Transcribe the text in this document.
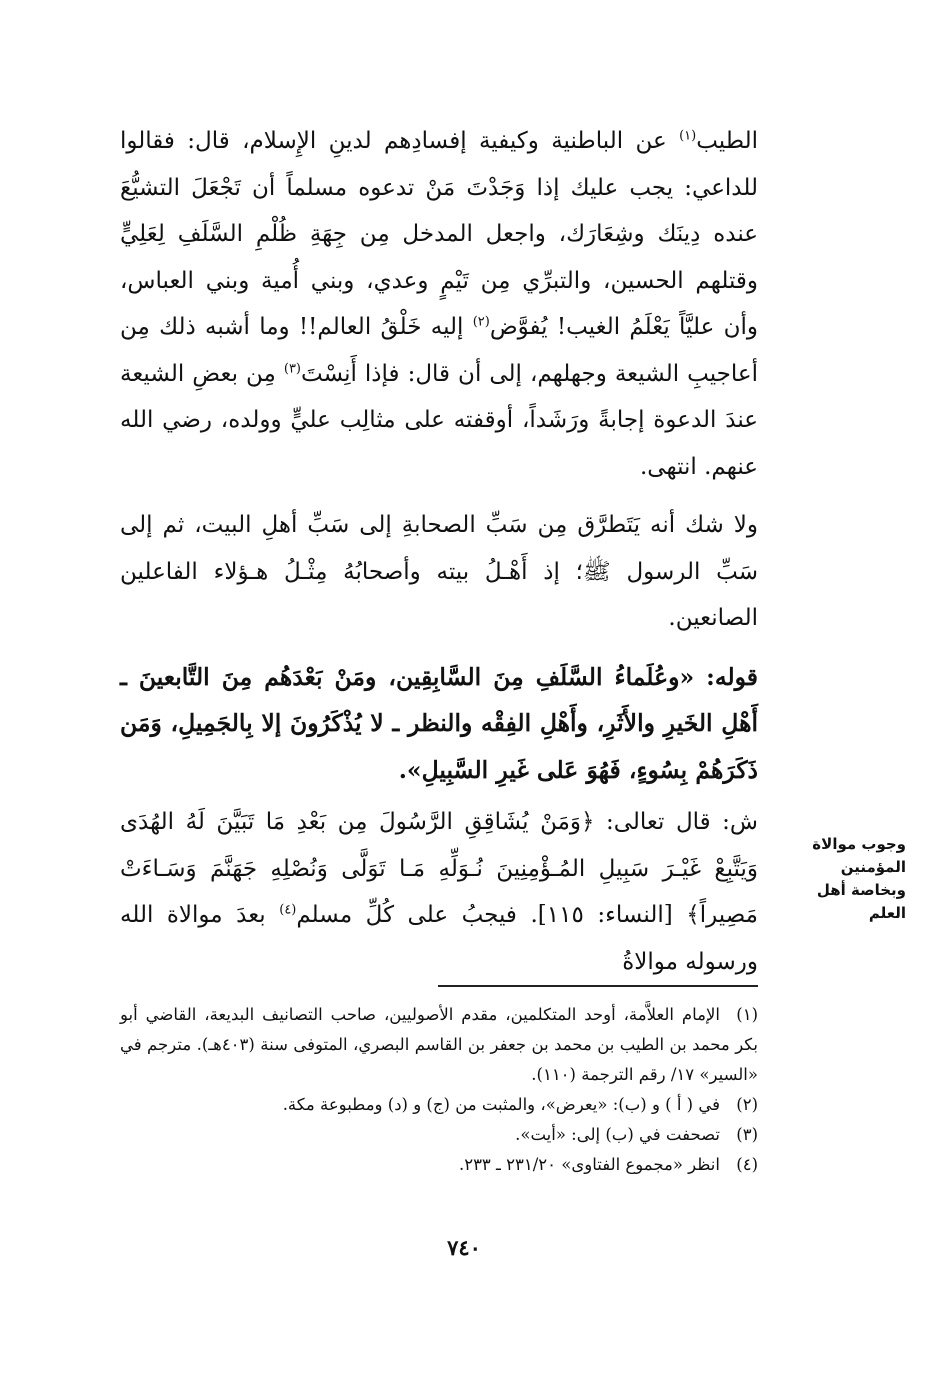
الطيب$^{(١)}$ عن الباطنية وكيفية إفسادِهم لدينِ الإِسلام، قال: فقالوا للداعي: يجب عليك إذا وَجَدْتَ مَنْ تدعوه مسلماً أن تَجْعَلَ التشيُّعَ عنده دِينَك وشِعَارَك، واجعل المدخل مِن جِهَةِ ظُلْمِ السَّلَفِ لِعَلِيٍّ وقتلهم الحسين، والتبرِّي مِن تَيْمٍ وعدي، وبني أُمية وبني العباس، وأن عليَّاً يَعْلَمُ الغيب! يُفوَّض$^{(٢)}$ إليه خَلْقُ العالم!! وما أشبه ذلك مِن أعاجيبِ الشيعة وجهلهم، إلى أن قال: فإذا أَنِسْتَ$^{(٣)}$ مِن بعضِ الشيعة عندَ الدعوة إجابةً ورَشَداً، أوقفته على مثالِب عليٍّ وولده، رضي الله عنهم. انتهى.

ولا شك أنه يَتَطرَّق مِن سَبِّ الصحابةِ إلى سَبِّ أهلِ البيت، ثم إلى سَبِّ الرسول ﷺ؛ إذ أَهْـلُ بيته وأصحابُهُ مِثْـلُ هـؤلاء الفاعلين الصانعين.

قوله: «وعُلَماءُ السَّلَفِ مِنَ السَّابِقِين، ومَنْ بَعْدَهُم مِنَ التَّابعينَ ـ أَهْلِ الخَيرِ والأَثَرِ، وأَهْلِ الفِقْه والنظر ـ لا يُذْكَرُونَ إلا بِالجَمِيلِ، وَمَن ذَكَرَهُمْ بِسُوءٍ، فَهُوَ عَلى غَيرِ السَّبِيلِ».

ش: قال تعالى: ﴿وَمَنْ يُشَاقِقِ الرَّسُولَ مِن بَعْدِ مَا تَبَيَّنَ لَهُ الهُدَى وَيَتَّبِعْ غَيْـرَ سَبِيلِ المُـؤْمِنِينَ نُـوَلِّهِ مَـا تَوَلَّى وَنُصْلِهِ جَهَنَّمَ وَسَـاءَتْ مَصِيراً﴾ [النساء: ١١٥]. فيجبُ على كُلِّ مسلم$^{(٤)}$ بعدَ موالاة الله ورسوله موالاةُ

وجوب موالاة المؤمنين وبخاصة أهل العلم

(١)الإمام العلاَّمة، أوحد المتكلمين، مقدم الأصوليين، صاحب التصانيف البديعة، القاضي أبو بكر محمد بن الطيب بن محمد بن جعفر بن القاسم البصري، المتوفى سنة (٤٠٣هـ). مترجم في «السير» ١٧/ رقم الترجمة (١١٠).

(٢)في ( أ ) و (ب): «يعرض»، والمثبت من (ج) و (د) ومطبوعة مكة.

(٣)تصحفت في (ب) إلى: «أيت».

(٤)انظر «مجموع الفتاوى» ٢٣١/٢٠ ـ ٢٣٣.

٧٤٠
